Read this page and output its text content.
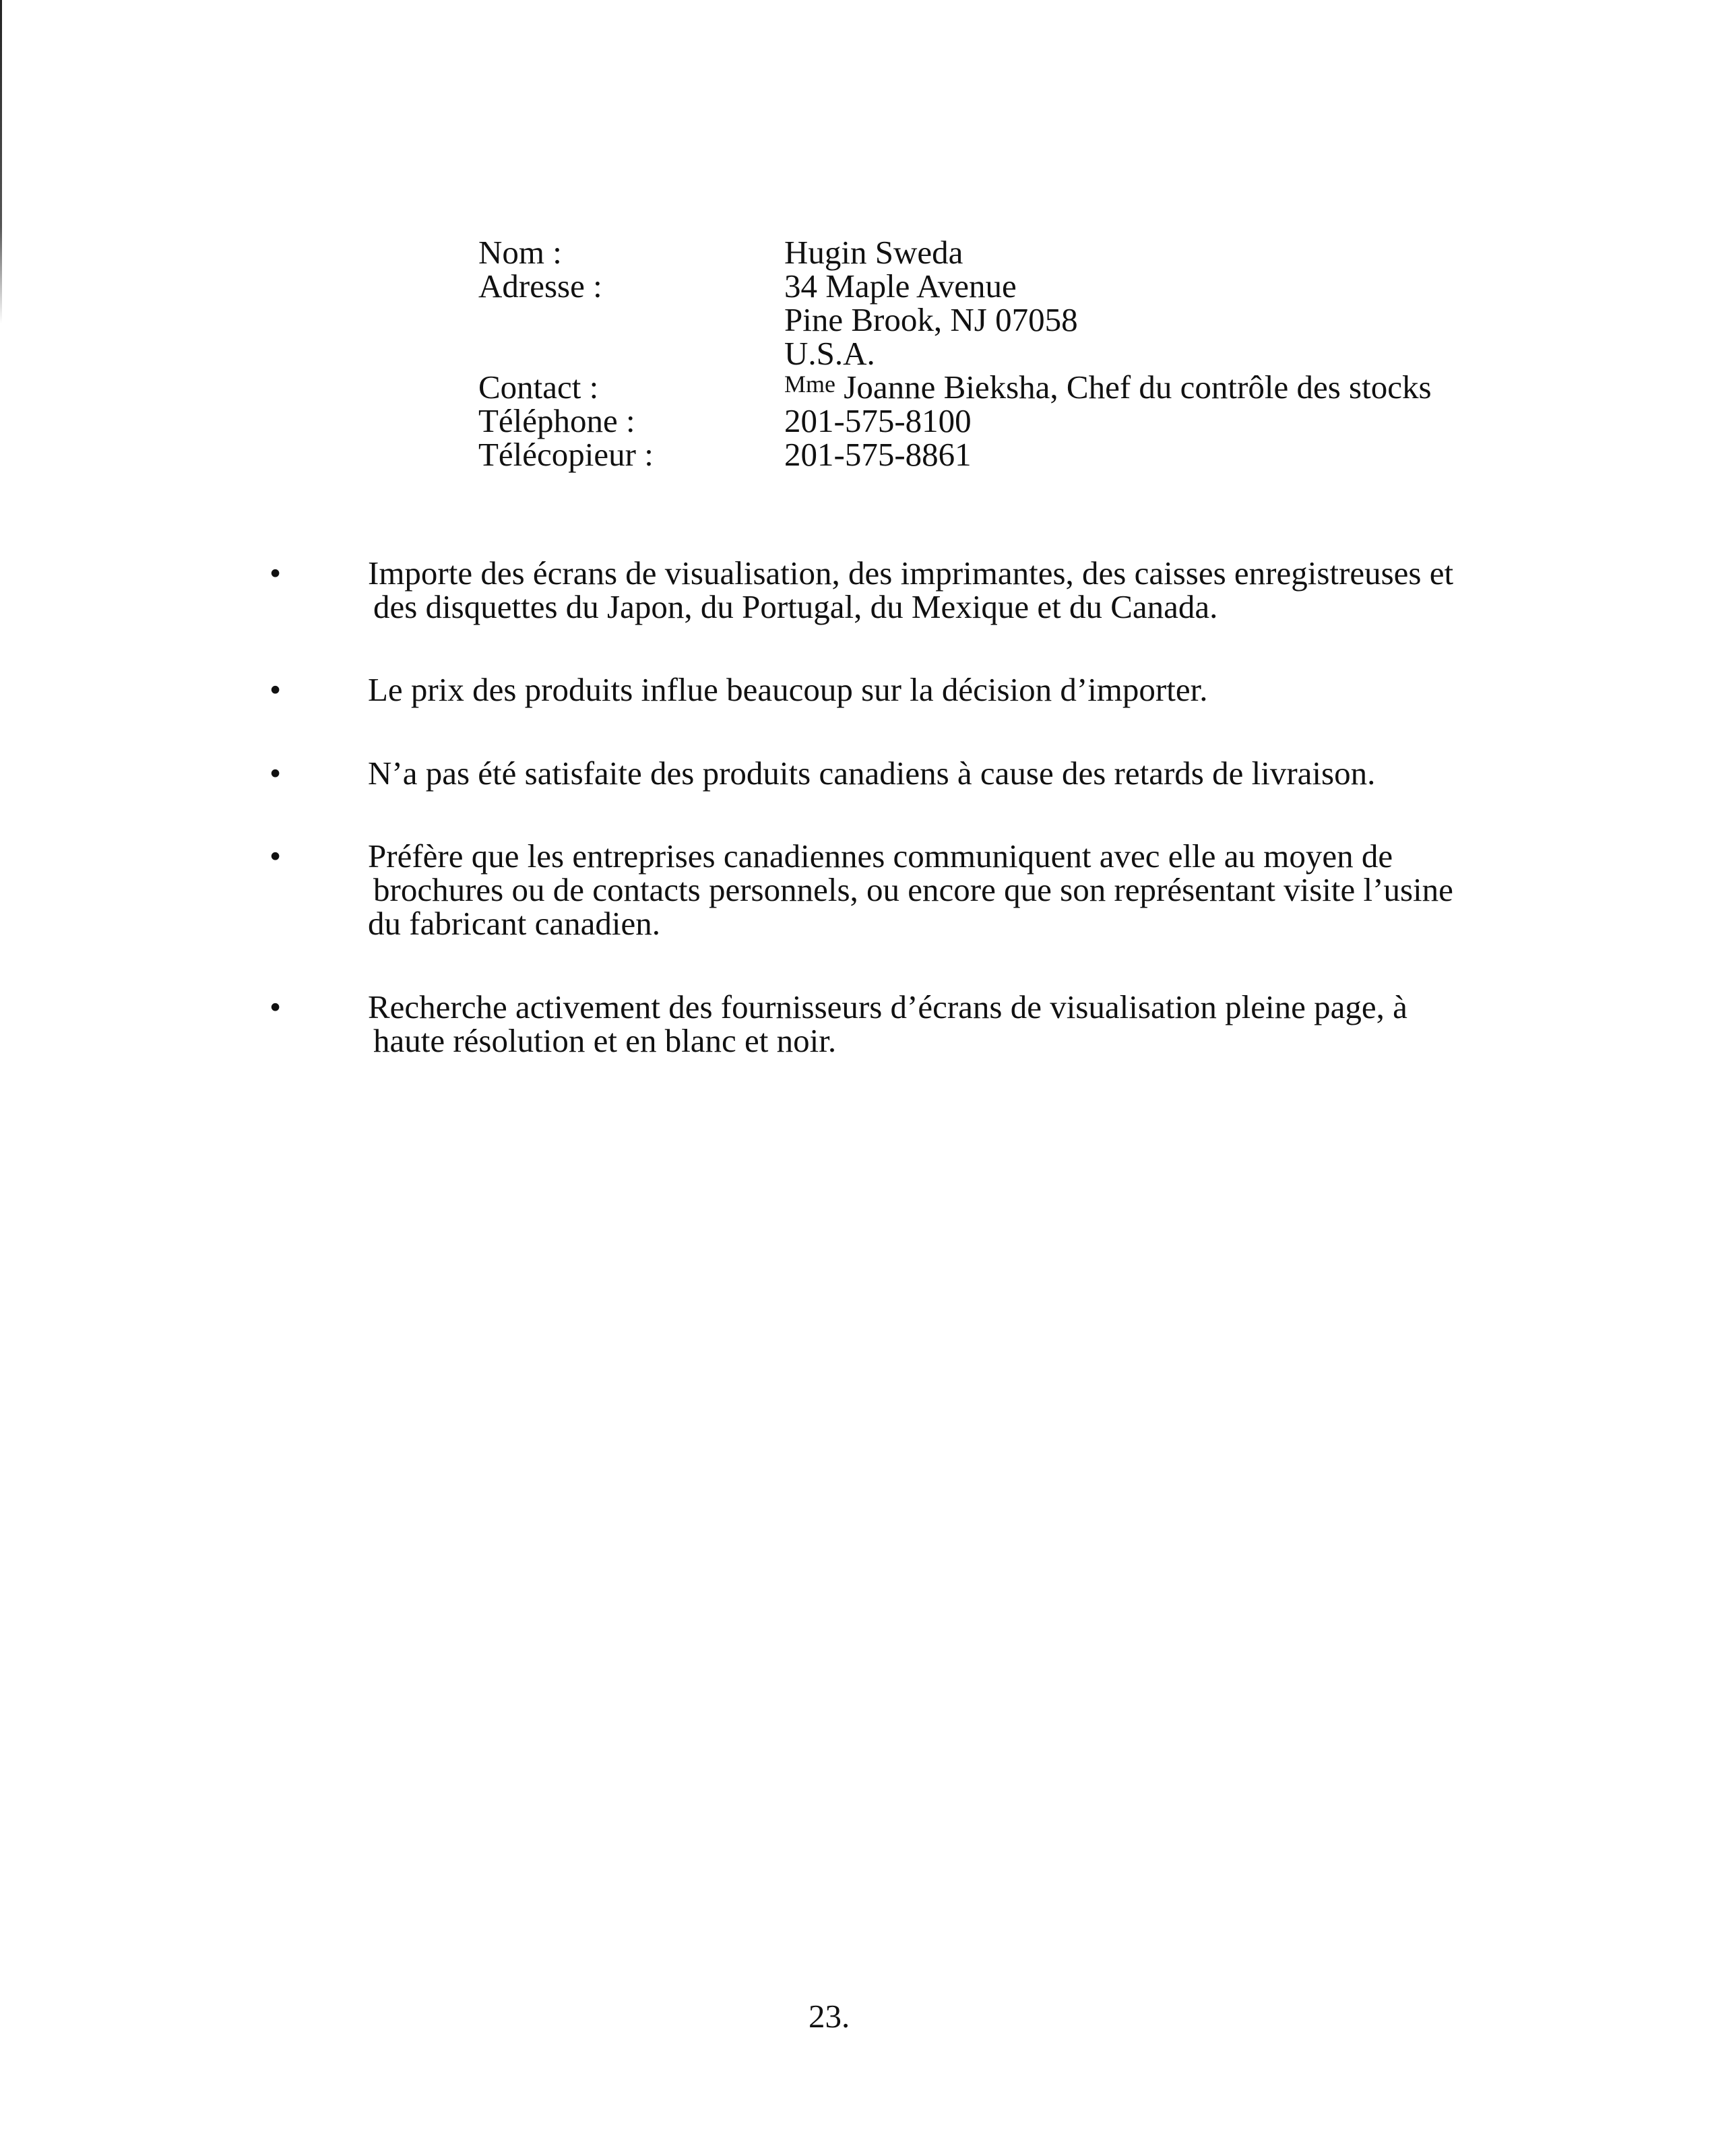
Nom :	Hugin Sweda
Adresse :	34 Maple Avenue
Pine Brook, NJ 07058
U.S.A.
Contact :	$^{Mme}$ Joanne Bieksha, Chef du contrôle des stocks
Téléphone :	201-575-8100
Télécopieur :	201-575-8861
•	Importe des écrans de visualisation, des imprimantes, des caisses enregistreuses et
des disquettes du Japon, du Portugal, du Mexique et du Canada.
•	Le prix des produits influe beaucoup sur la décision d’importer.
•	N’a pas été satisfaite des produits canadiens à cause des retards de livraison.
•	Préfère que les entreprises canadiennes communiquent avec elle au moyen de
brochures ou de contacts personnels, ou encore que son représentant visite l’usine
du fabricant canadien.
•	Recherche activement des fournisseurs d’écrans de visualisation pleine page, à
haute résolution et en blanc et noir.
23.
